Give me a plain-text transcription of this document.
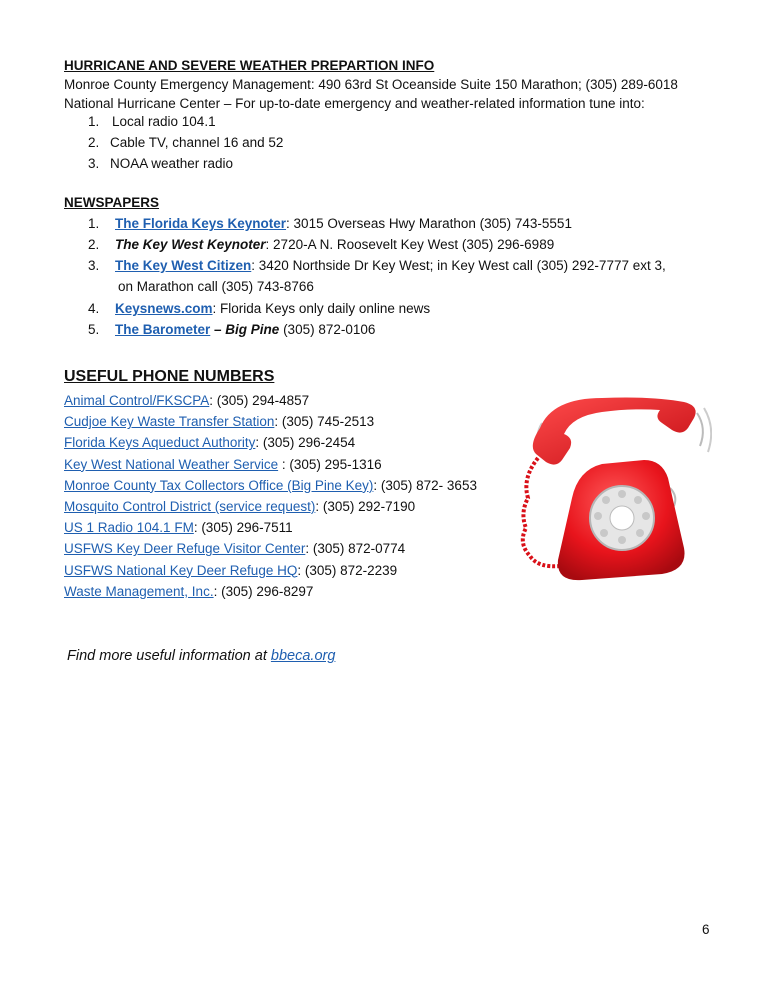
HURRICANE AND SEVERE WEATHER PREPARTION INFO
Monroe County Emergency Management: 490 63rd St Oceanside Suite 150 Marathon; (305) 289-6018
National Hurricane Center – For up-to-date emergency and weather-related information tune into:
1. Local radio 104.1
2. Cable TV, channel 16 and 52
3. NOAA weather radio
NEWSPAPERS
1. The Florida Keys Keynoter: 3015 Overseas Hwy Marathon (305) 743-5551
2. The Key West Keynoter: 2720-A N. Roosevelt Key West (305) 296-6989
3. The Key West Citizen: 3420 Northside Dr Key West; in Key West call (305) 292-7777 ext 3,
on Marathon call (305) 743-8766
4. Keysnews.com: Florida Keys only daily online news
5. The Barometer – Big Pine (305) 872-0106
USEFUL PHONE NUMBERS
Animal Control/FKSCPA: (305) 294-4857
Cudjoe Key Waste Transfer Station: (305) 745-2513
Florida Keys Aqueduct Authority: (305) 296-2454
Key West National Weather Service : (305) 295-1316
Monroe County Tax Collectors Office (Big Pine Key): (305) 872- 3653
Mosquito Control District (service request): (305) 292-7190
US 1 Radio 104.1 FM: (305) 296-7511
USFWS Key Deer Refuge Visitor Center: (305) 872-0774
USFWS National Key Deer Refuge HQ: (305) 872-2239
Waste Management, Inc.: (305) 296-8297
Find more useful information at bbeca.org
6
